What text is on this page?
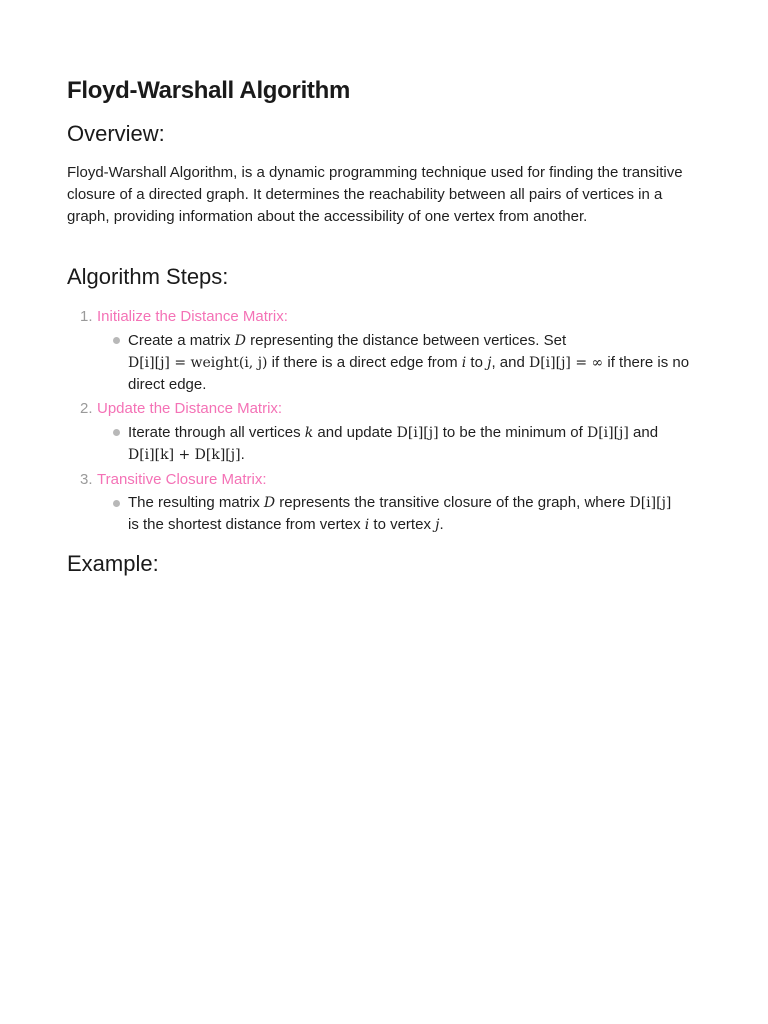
Floyd-Warshall Algorithm
Overview:

Floyd-Warshall Algorithm, is a dynamic programming technique used for finding the transitive closure of a directed graph. It determines the reachability between all pairs of vertices in a graph, providing information about the accessibility of one vertex from another.

Algorithm Steps:
1. Initialize the Distance Matrix:
Create a matrix D representing the distance between vertices. Set
D[i][j] = weight(i, j) if there is a direct edge from i to j, and D[i][j] = ∞ if there is no direct edge.
2. Update the Distance Matrix:
Iterate through all vertices k and update D[i][j] to be the minimum of D[i][j] and
D[i][k] + D[k][j].
3. Transitive Closure Matrix:
The resulting matrix D represents the transitive closure of the graph, where D[i][j]
is the shortest distance from vertex i to vertex j.
Example:
